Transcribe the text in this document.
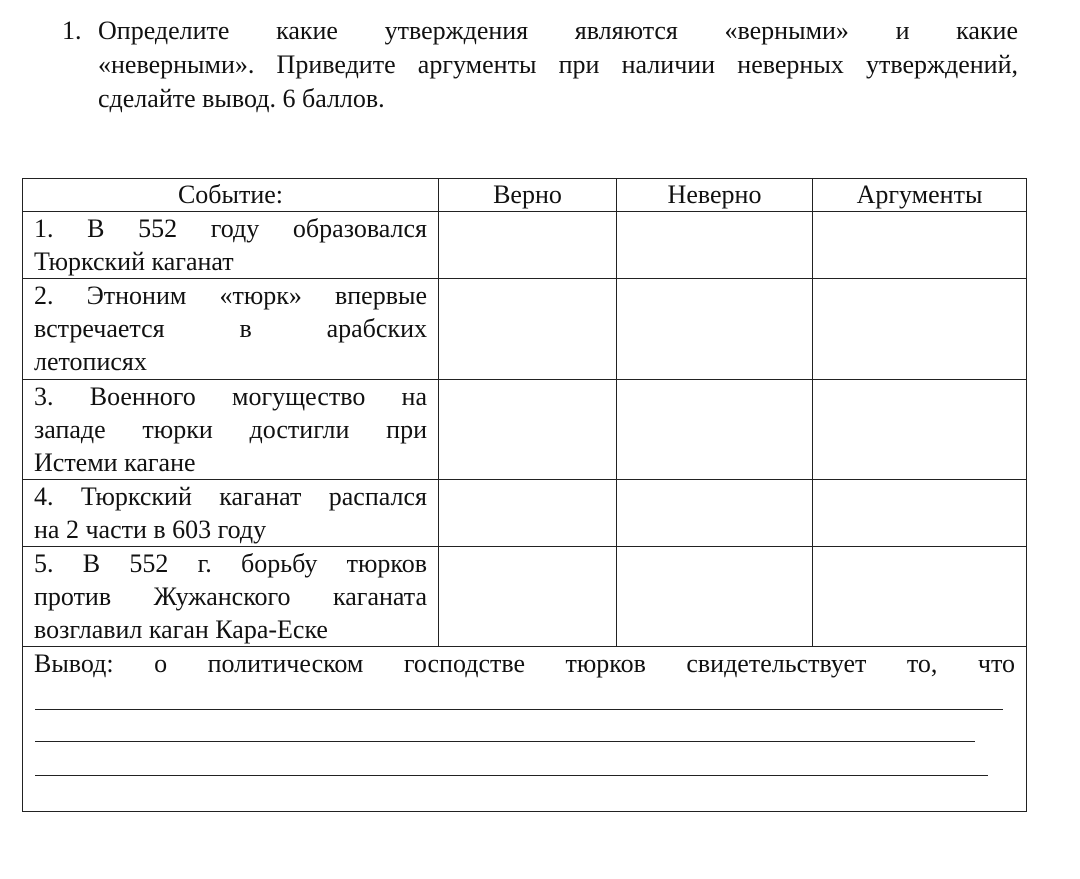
1. Определите какие утверждения являются «верными» и какие
«неверными». Приведите аргументы при наличии неверных утверждений,
сделайте вывод. 6 баллов.
Событие:	Верно	Неверно	Аргументы

1. В 552 году образовался
Тюркский каганат			

2. Этноним «тюрк» впервые
встречается в арабских
летописях			

3. Военного могущество на
западе тюрки достигли при
Истеми кагане			

4. Тюркский каганат распался
на 2 части в 603 году			

5. В 552 г. борьбу тюрков
против Жужанского каганата
возглавил каган Кара-Еске			

Вывод: о политическом господстве тюрков свидетельствует то, что			
